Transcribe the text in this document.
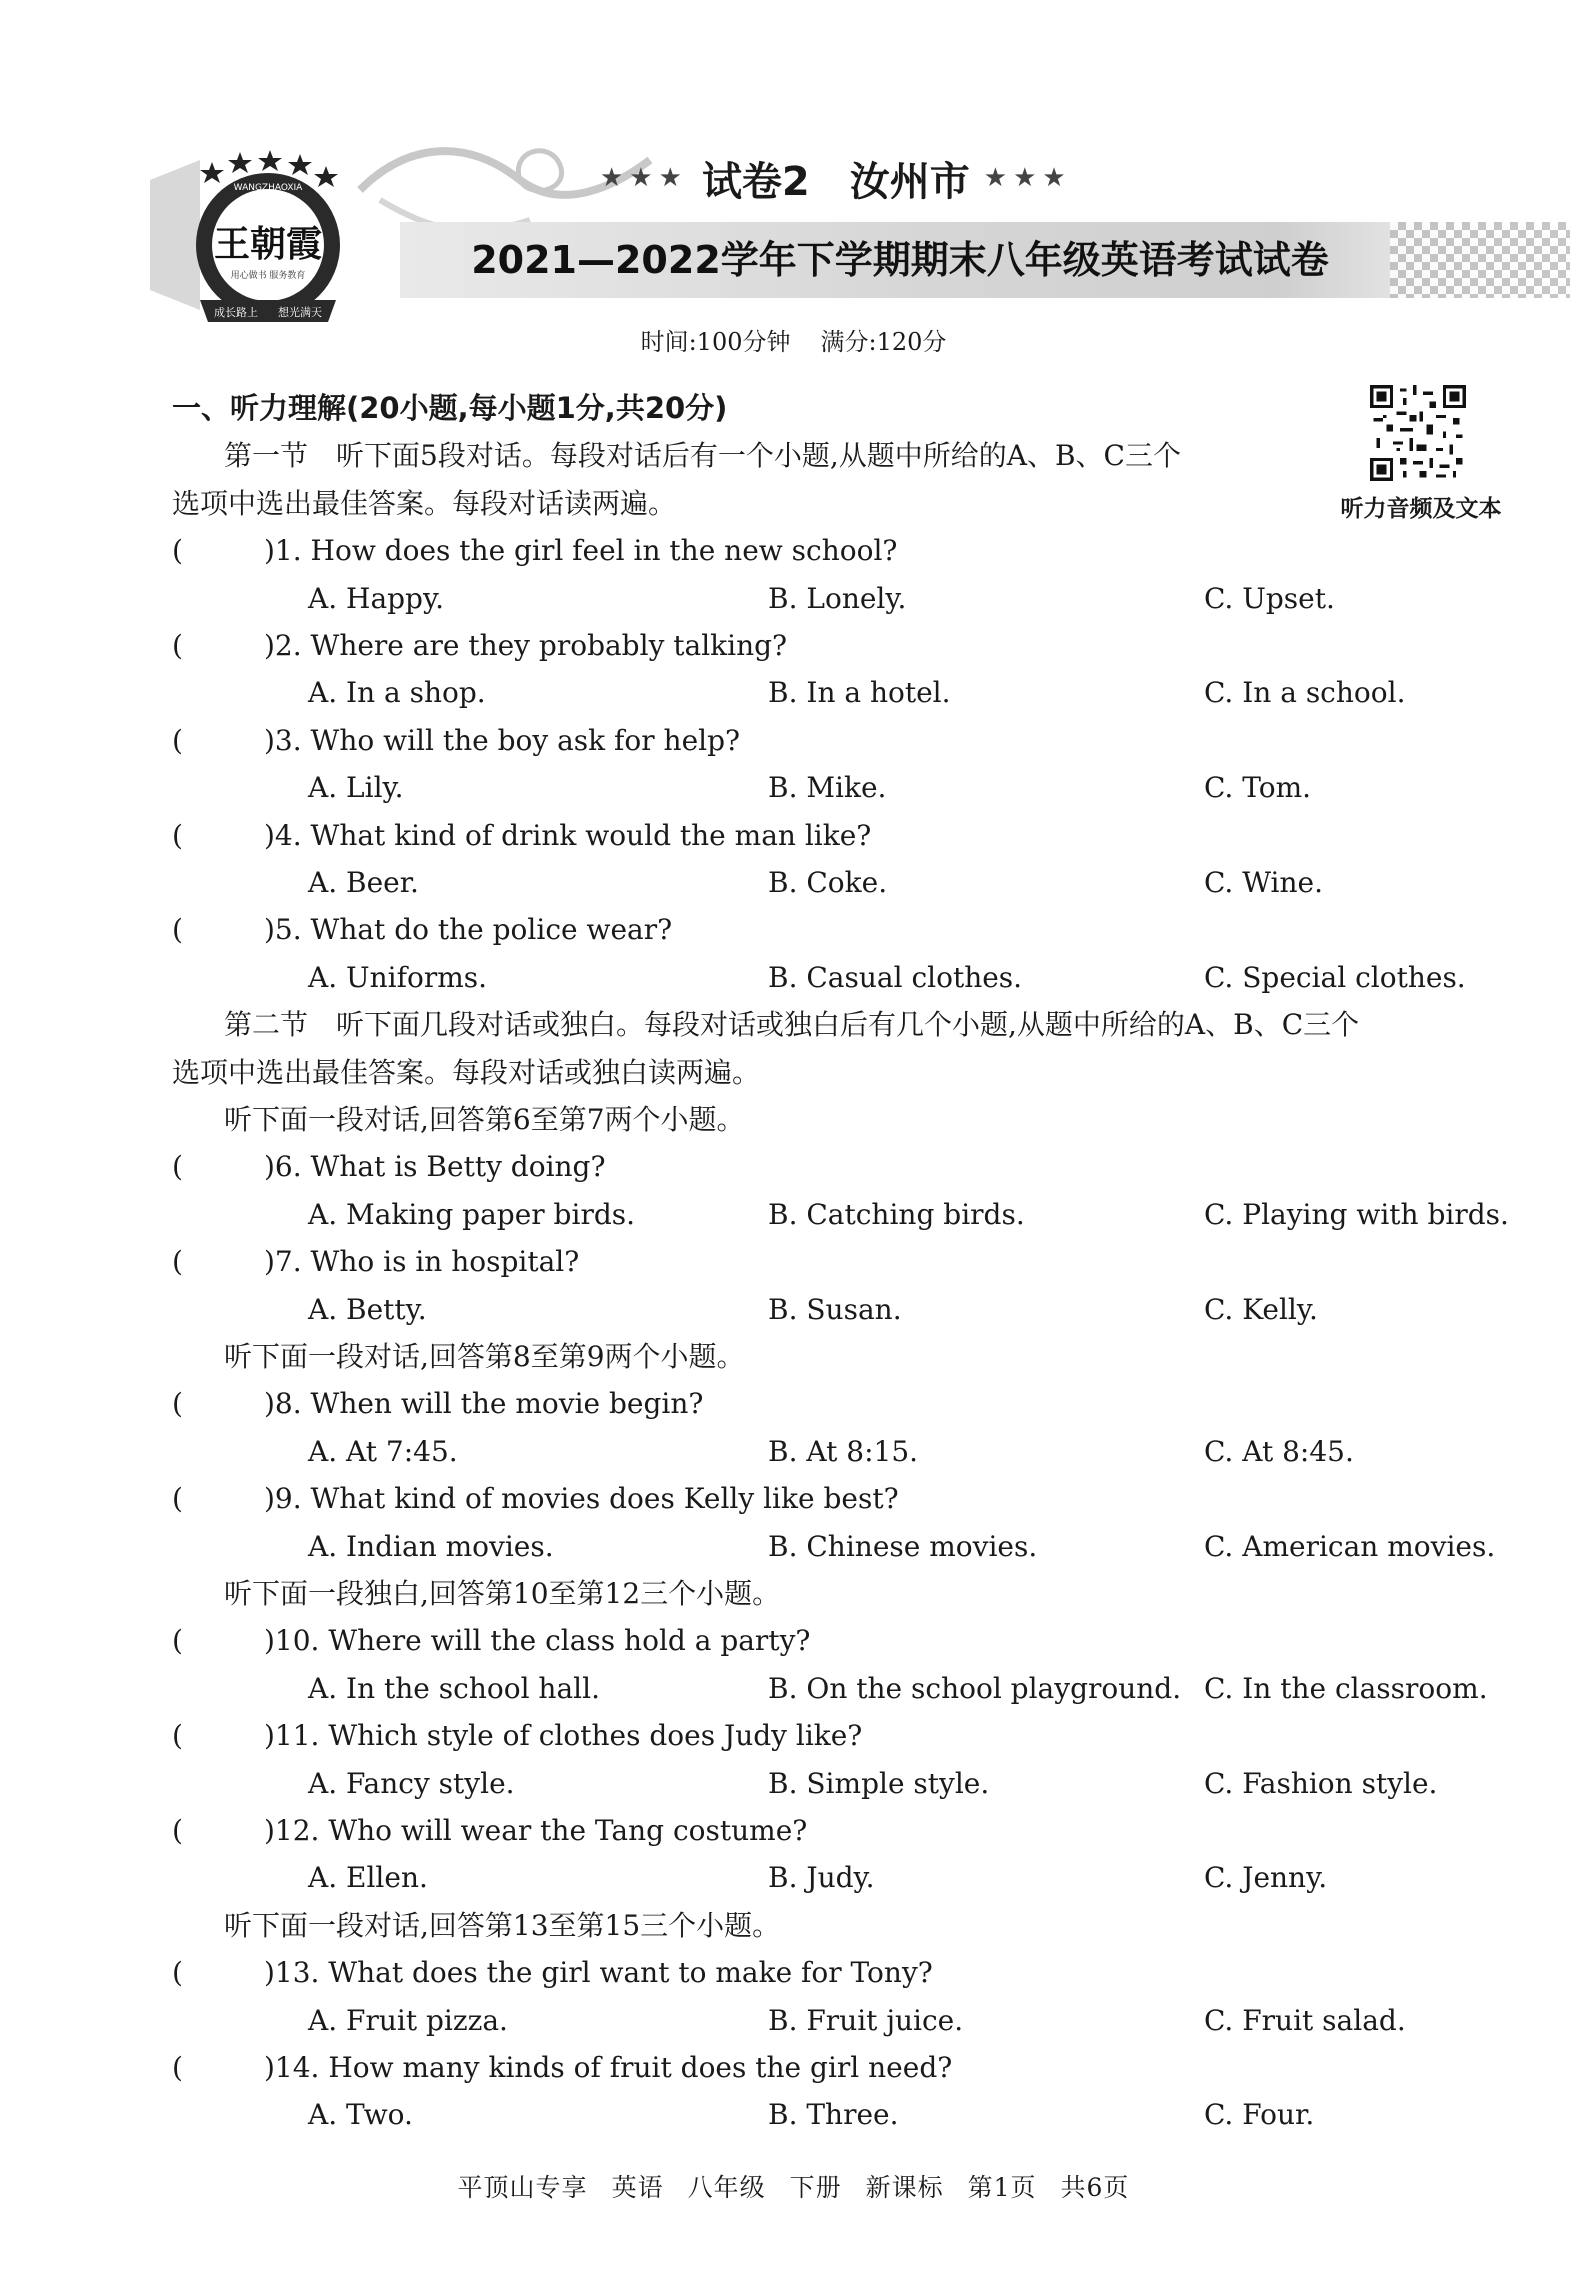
WANGZHAOXIA
王朝霞
用心做书 服务教育
成长路上 想光满天
★★★ 试卷2 汝州市 ★★★
2021—2022学年下学期期末八年级英语考试试卷
时间:100分钟 满分:120分
听力音频及文本
一、听力理解(20小题,每小题1分,共20分)
第一节　听下面5段对话。每段对话后有一个小题,从题中所给的A、B、C三个
选项中选出最佳答案。每段对话读两遍。
(	)1. How does the girl feel in the new school?
A. Happy.	B. Lonely.	C. Upset.
(	)2. Where are they probably talking?
A. In a shop.	B. In a hotel.	C. In a school.
(	)3. Who will the boy ask for help?
A. Lily.	B. Mike.	C. Tom.
(	)4. What kind of drink would the man like?
A. Beer.	B. Coke.	C. Wine.
(	)5. What do the police wear?
A. Uniforms.	B. Casual clothes.	C. Special clothes.
第二节　听下面几段对话或独白。每段对话或独白后有几个小题,从题中所给的A、B、C三个
选项中选出最佳答案。每段对话或独白读两遍。
听下面一段对话,回答第6至第7两个小题。
(	)6. What is Betty doing?
A. Making paper birds.	B. Catching birds.	C. Playing with birds.
(	)7. Who is in hospital?
A. Betty.	B. Susan.	C. Kelly.
听下面一段对话,回答第8至第9两个小题。
(	)8. When will the movie begin?
A. At 7:45.	B. At 8:15.	C. At 8:45.
(	)9. What kind of movies does Kelly like best?
A. Indian movies.	B. Chinese movies.	C. American movies.
听下面一段独白,回答第10至第12三个小题。
(	)10. Where will the class hold a party?
A. In the school hall.	B. On the school playground. C. In the classroom.
(	)11. Which style of clothes does Judy like?
A. Fancy style.	B. Simple style.	C. Fashion style.
(	)12. Who will wear the Tang costume?
A. Ellen.	B. Judy.	C. Jenny.
听下面一段对话,回答第13至第15三个小题。
(	)13. What does the girl want to make for Tony?
A. Fruit pizza.	B. Fruit juice.	C. Fruit salad.
(	)14. How many kinds of fruit does the girl need?
A. Two.	B. Three.	C. Four.
平顶山专享 英语 八年级 下册 新课标 第1页 共6页
